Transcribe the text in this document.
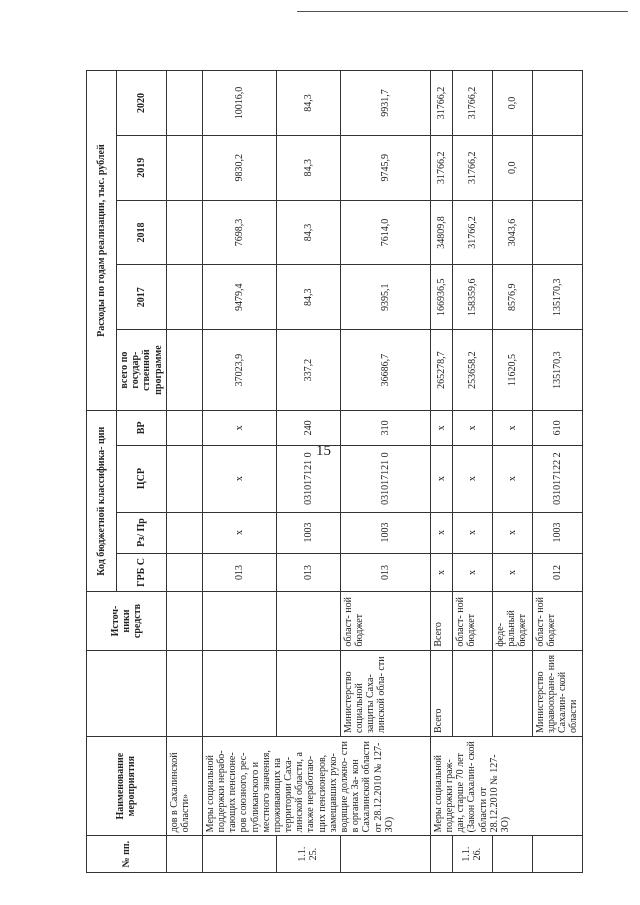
15
№ пп.	Наименование мероприятия		Источ- ники средств	Код бюджетной классифика- ции				Расходы по годам реализации, тыс. рублей				
				ГРБ С	Рз/ Пр	ЦСР	ВР	всего по государ- ственной программе	2017	2018	2019	2020
	дов в Сахалинской области»											
	Меры социальной поддержки нерабо- тающих пенсионе- ров союзного, рес- публиканского и местного значения, проживающих на территории Саха- линской области, а также неработаю- щих пенсионеров, замещавших руко- водящие должно- сти в органах За- кон Сахалинской области от 28.12.2010 № 127- ЗО)			013	х	х	х	37023,9	9479,4	7698,3	9830,2	10016,0
1.1. 25.				013	1003	031017121 0	240	337,2	84,3	84,3	84,3	84,3
		Министерство социальной защиты Саха- линской обла- сти	област- ной бюджет	013	1003	031017121 0	310	36686,7	9395,1	7614,0	9745,9	9931,7
	Меры социальной поддержки граж- дан, старше 70 лет (Закон Сахалин- ской области от 28.12.2010 № 127- ЗО)	Всего	Всего	х	х	х	х	265278,7	166936,5	34809,8	31766,2	31766,2
1.1. 26.			област- ной бюджет	х	х	х	х	253658,2	158359,6	31766,2	31766,2	31766,2
			феде- ральный бюджет	х	х	х	х	11620,5	8576,9	3043,6	0,0	0,0
		Министерство здравоохране- ния Сахалин- ской области	област- ной бюджет	012	1003	031017122 2	610	135170,3	135170,3			
